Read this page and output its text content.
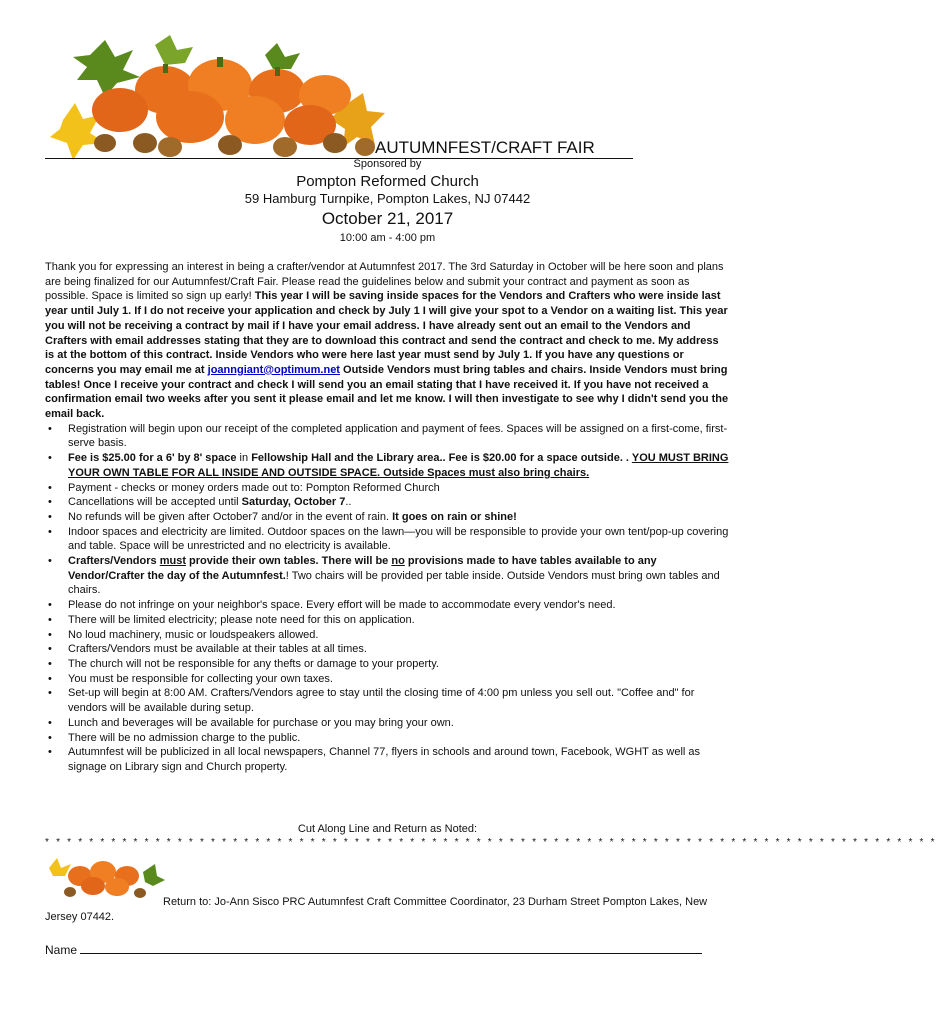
AUTUMNFEST/CRAFT FAIR
Sponsored by
Pompton Reformed Church
59 Hamburg Turnpike, Pompton Lakes, NJ 07442
October 21, 2017
10:00 am - 4:00 pm

Thank you for expressing an interest in being a crafter/vendor at Autumnfest 2017. The 3rd Saturday in October will be here soon and plans are being finalized for our Autumnfest/Craft Fair. Please read the guidelines below and submit your contract and payment as soon as possible. Space is limited so sign up early! This year I will be saving inside spaces for the Vendors and Crafters who were inside last year until July 1. If I do not receive your application and check by July 1 I will give your spot to a Vendor on a waiting list. This year you will not be receiving a contract by mail if I have your email address. I have already sent out an email to the Vendors and Crafters with email addresses stating that they are to download this contract and send the contract and check to me. My address is at the bottom of this contract. Inside Vendors who were here last year must send by July 1. If you have any questions or concerns you may email me at joanngiant@optimum.net Outside Vendors must bring tables and chairs. Inside Vendors must bring tables! Once I receive your contract and check I will send you an email stating that I have received it. If you have not received a confirmation email two weeks after you sent it please email and let me know. I will then investigate to see why I didn't send you the email back.

• Registration will begin upon our receipt of the completed application and payment of fees. Spaces will be assigned on a first-come, first-serve basis.
• Fee is $25.00 for a 6' by 8' space in Fellowship Hall and the Library area.. Fee is $20.00 for a space outside. . YOU MUST BRING YOUR OWN TABLE FOR ALL INSIDE AND OUTSIDE SPACE. Outside Spaces must also bring chairs.
• Payment - checks or money orders made out to: Pompton Reformed Church
• Cancellations will be accepted until Saturday, October 7..
• No refunds will be given after October7 and/or in the event of rain. It goes on rain or shine!
• Indoor spaces and electricity are limited. Outdoor spaces on the lawn—you will be responsible to provide your own tent/pop-up covering and table. Space will be unrestricted and no electricity is available.
• Crafters/Vendors must provide their own tables. There will be no provisions made to have tables available to any Vendor/Crafter the day of the Autumnfest.! Two chairs will be provided per table inside. Outside Vendors must bring own tables and chairs.
• Please do not infringe on your neighbor's space. Every effort will be made to accommodate every vendor's need.
• There will be limited electricity; please note need for this on application.
• No loud machinery, music or loudspeakers allowed.
• Crafters/Vendors must be available at their tables at all times.
• The church will not be responsible for any thefts or damage to your property.
• You must be responsible for collecting your own taxes.
• Set-up will begin at 8:00 AM. Crafters/Vendors agree to stay until the closing time of 4:00 pm unless you sell out. "Coffee and" for vendors will be available during setup.
• Lunch and beverages will be available for purchase or you may bring your own.
• There will be no admission charge to the public.
• Autumnfest will be publicized in all local newspapers, Channel 77, flyers in schools and around town, Facebook, WGHT as well as signage on Library sign and Church property.
Cut Along Line and Return as Noted:
* * * * * * * * * * * * * * * * * * * * * * * * * * * * * * * * * * * * * * * * * * * * * * * * * * * * * * * * * * * * * * * * * * * * * * * * * * * * * * * * *
Return to: Jo-Ann Sisco PRC Autumnfest Craft Committee Coordinator, 23 Durham Street Pompton Lakes, New Jersey 07442.
Name
